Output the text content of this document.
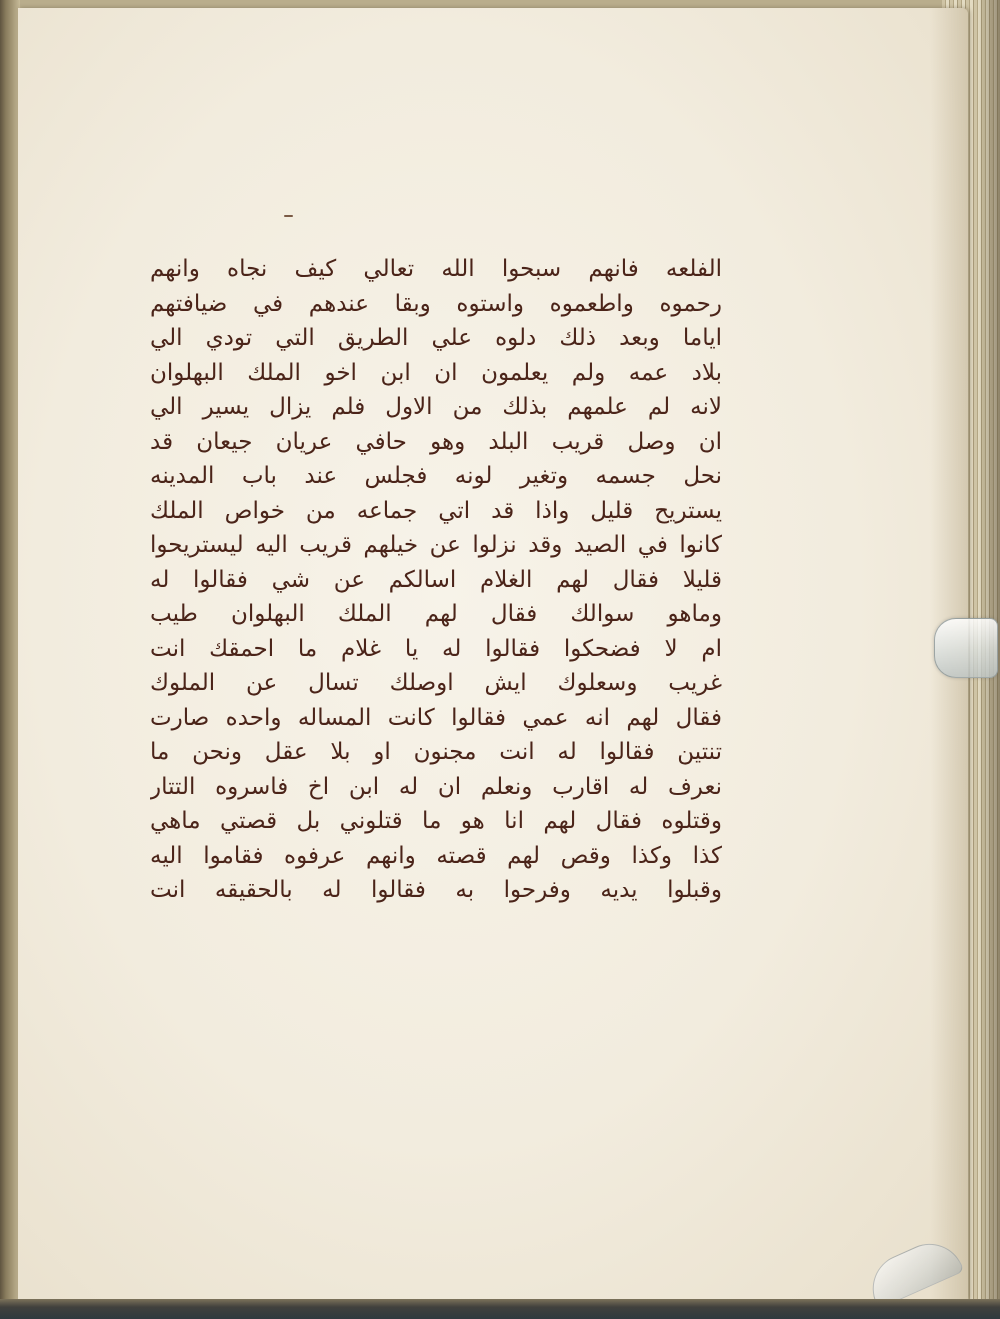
الفلعه فانهم سبحوا الله تعالي كيف نجاه وانهم
رحموه واطعموه واستوه وبقا عندهم في ضيافتهم
اياما وبعد ذلك دلوه علي الطريق التي تودي الي
بلاد عمه ولم يعلمون ان ابن اخو الملك البهلوان
لانه لم علمهم بذلك من الاول فلم يزال يسير الي
ان وصل قريب البلد وهو حافي عريان جيعان قد
نحل جسمه وتغير لونه فجلس عند باب المدينه
يستريح قليل واذا قد اتي جماعه من خواص الملك
كانوا في الصيد وقد نزلوا عن خيلهم قريب اليه ليستريحوا
قليلا فقال لهم الغلام اسالكم عن شي فقالوا له
وماهو سوالك فقال لهم الملك البهلوان طيب
ام لا فضحكوا فقالوا له يا غلام ما احمقك انت
غريب وسعلوك ايش اوصلك تسال عن الملوك
فقال لهم انه عمي فقالوا كانت المساله واحده صارت
تنتين فقالوا له انت مجنون او بلا عقل ونحن ما
نعرف له اقارب ونعلم ان له ابن اخ فاسروه التتار
وقتلوه فقال لهم انا هو ما قتلوني بل قصتي ماهي
كذا وكذا وقص لهم قصته وانهم عرفوه فقاموا اليه
وقبلوا يديه وفرحوا به فقالوا له بالحقيقه انت
